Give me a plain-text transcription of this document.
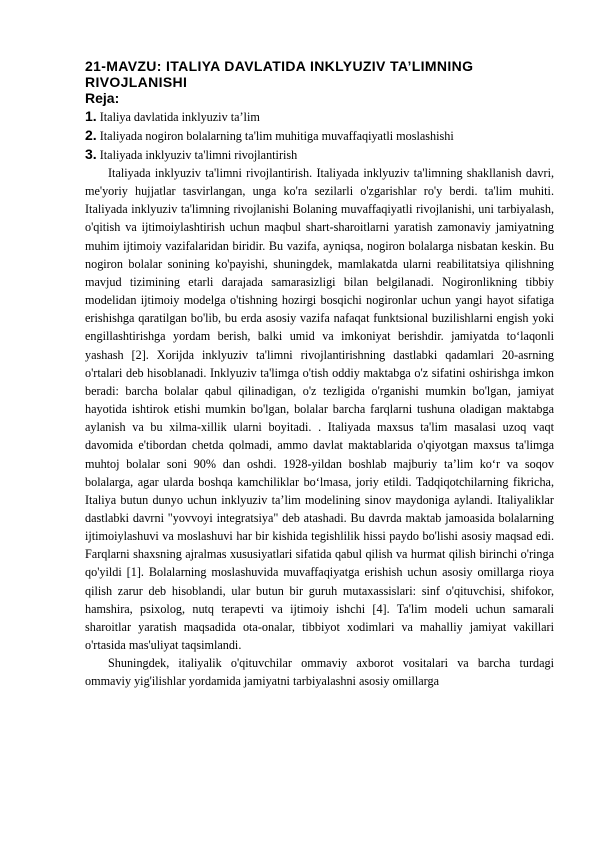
21-MAVZU: ITALIYA DAVLATIDA INKLYUZIV TA’LIMNING RIVOJLANISHI
Reja:
1. Italiya davlatida inklyuziv ta’lim
2. Italiyada nogiron bolalarning ta'lim muhitiga muvaffaqiyatli moslashishi
3. Italiyada inklyuziv ta'limni rivojlantirish

Italiyada inklyuziv ta'limni rivojlantirish. Italiyada inklyuziv ta'limning shakllanish davri, me'yoriy hujjatlar tasvirlangan, unga ko'ra sezilarli o'zgarishlar ro'y berdi. ta'lim muhiti. Italiyada inklyuziv ta'limning rivojlanishi Bolaning muvaffaqiyatli rivojlanishi, uni tarbiyalash, o'qitish va ijtimoiylashtirish uchun maqbul shart-sharoitlarni yaratish zamonaviy jamiyatning muhim ijtimoiy vazifalaridan biridir. Bu vazifa, ayniqsa, nogiron bolalarga nisbatan keskin. Bu nogiron bolalar sonining ko'payishi, shuningdek, mamlakatda ularni reabilitatsiya qilishning mavjud tizimining etarli darajada samarasizligi bilan belgilanadi. Nogironlikning tibbiy modelidan ijtimoiy modelga o'tishning hozirgi bosqichi nogironlar uchun yangi hayot sifatiga erishishga qaratilgan bo'lib, bu erda asosiy vazifa nafaqat funktsional buzilishlarni engish yoki engillashtirishga yordam berish, balki umid va imkoniyat berishdir. jamiyatda to‘laqonli yashash [2]. Xorijda inklyuziv ta'limni rivojlantirishning dastlabki qadamlari 20-asrning o'rtalari deb hisoblanadi. Inklyuziv ta'limga o'tish oddiy maktabga o'z sifatini oshirishga imkon beradi: barcha bolalar qabul qilinadigan, o'z tezligida o'rganishi mumkin bo'lgan, jamiyat hayotida ishtirok etishi mumkin bo'lgan, bolalar barcha farqlarni tushuna oladigan maktabga aylanish va bu xilma-xillik ularni boyitadi. . Italiyada maxsus ta'lim masalasi uzoq vaqt davomida e'tibordan chetda qolmadi, ammo davlat maktablarida o'qiyotgan maxsus ta'limga muhtoj bolalar soni 90% dan oshdi. 1928-yildan boshlab majburiy ta’lim ko‘r va soqov bolalarga, agar ularda boshqa kamchiliklar bo‘lmasa, joriy etildi. Tadqiqotchilarning fikricha, Italiya butun dunyo uchun inklyuziv ta’lim modelining sinov maydoniga aylandi. Italiyaliklar dastlabki davrni "yovvoyi integratsiya" deb atashadi. Bu davrda maktab jamoasida bolalarning ijtimoiylashuvi va moslashuvi har bir kishida tegishlilik hissi paydo bo'lishi asosiy maqsad edi. Farqlarni shaxsning ajralmas xususiyatlari sifatida qabul qilish va hurmat qilish birinchi o'ringa qo'yildi [1]. Bolalarning moslashuvida muvaffaqiyatga erishish uchun asosiy omillarga rioya qilish zarur deb hisoblandi, ular butun bir guruh mutaxassislari: sinf o'qituvchisi, shifokor, hamshira, psixolog, nutq terapevti va ijtimoiy ishchi [4]. Ta'lim modeli uchun samarali sharoitlar yaratish maqsadida ota-onalar, tibbiyot xodimlari va mahalliy jamiyat vakillari o'rtasida mas'uliyat taqsimlandi.

Shuningdek, italiyalik o'qituvchilar ommaviy axborot vositalari va barcha turdagi ommaviy yig'ilishlar yordamida jamiyatni tarbiyalashni asosiy omillarga
